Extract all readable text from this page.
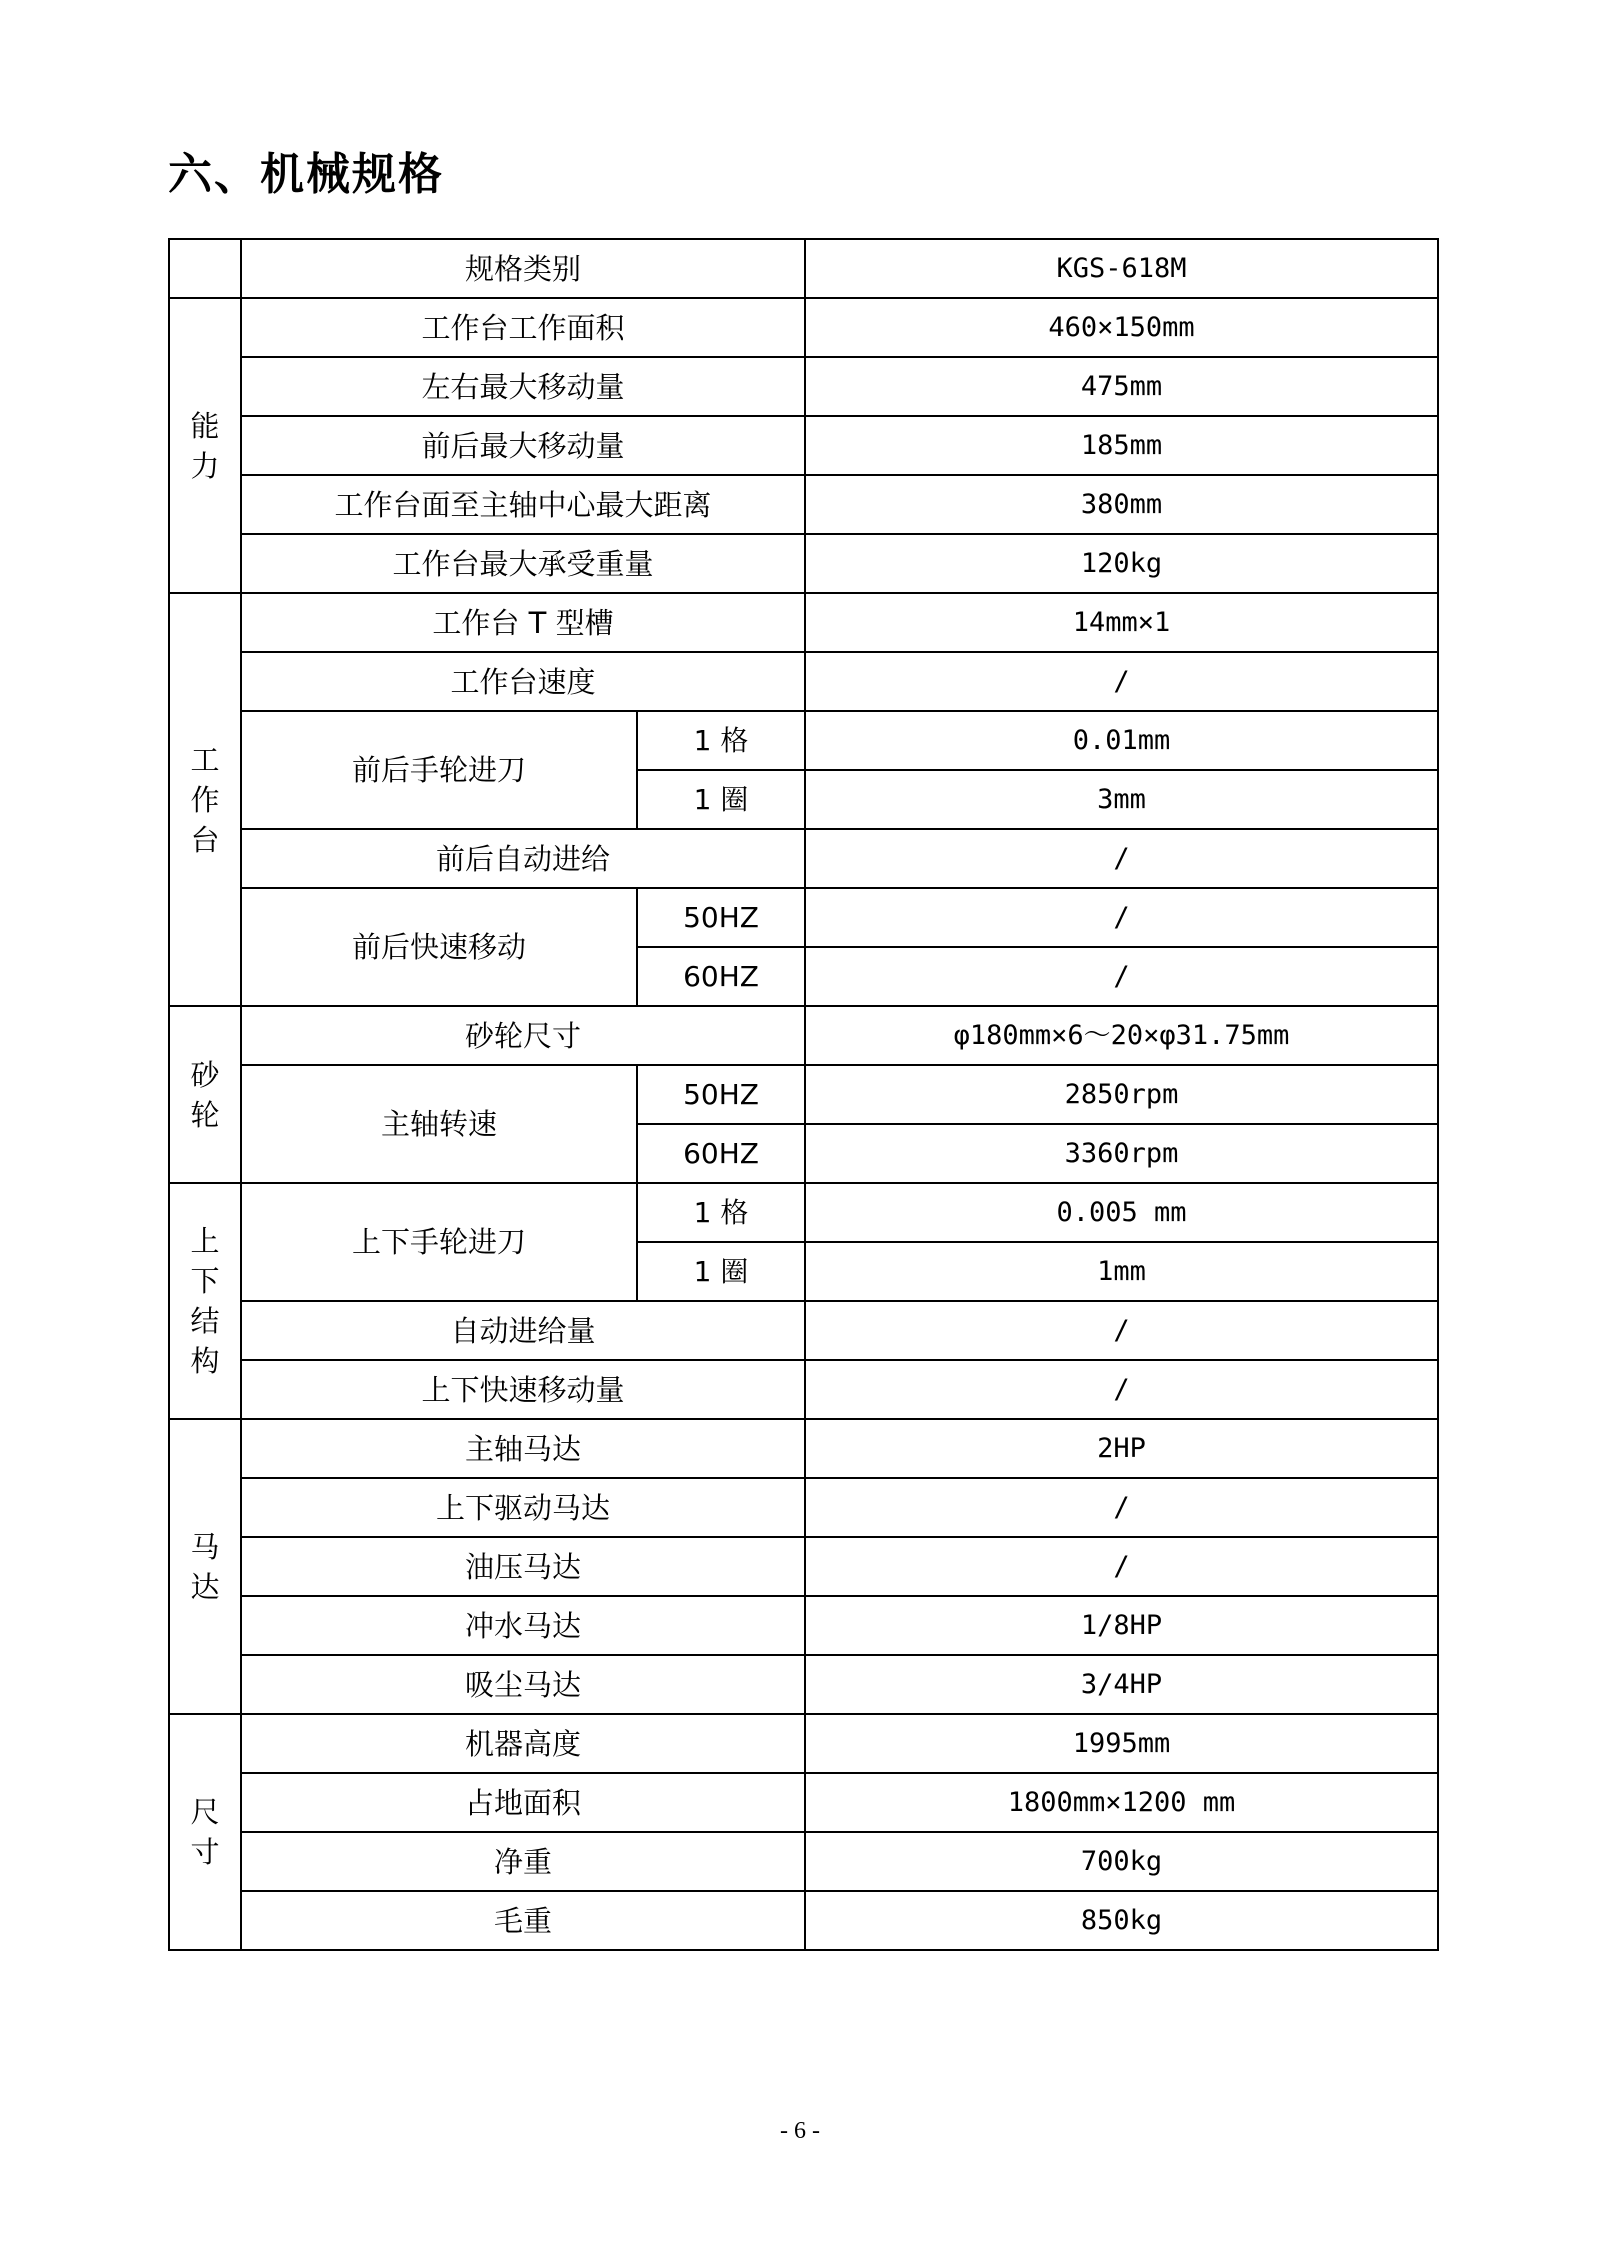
六、机械规格
	规格类别		KGS-618M

能力	工作台工作面积		460×150mm
	左右最大移动量		475mm
	前后最大移动量		185mm
	工作台面至主轴中心最大距离		380mm
	工作台最大承受重量		120kg

工作台	工作台 T 型槽		14mm×1
	工作台速度		/
	前后手轮进刀	1 格	0.01mm
		1 圈	3mm
	前后自动进给		/
	前后快速移动	50HZ	/
		60HZ	/

砂轮	砂轮尺寸		φ180mm×6～20×φ31.75mm
	主轴转速	50HZ	2850rpm
		60HZ	3360rpm

上下结构	上下手轮进刀	1 格	0.005 mm
		1 圈	1mm
	自动进给量		/
	上下快速移动量		/

马达	主轴马达		2HP
	上下驱动马达		/
	油压马达		/
	冲水马达		1/8HP
	吸尘马达		3/4HP

尺寸	机器高度		1995mm
	占地面积		1800mm×1200 mm
	净重		700kg
	毛重		850kg
- 6 -
